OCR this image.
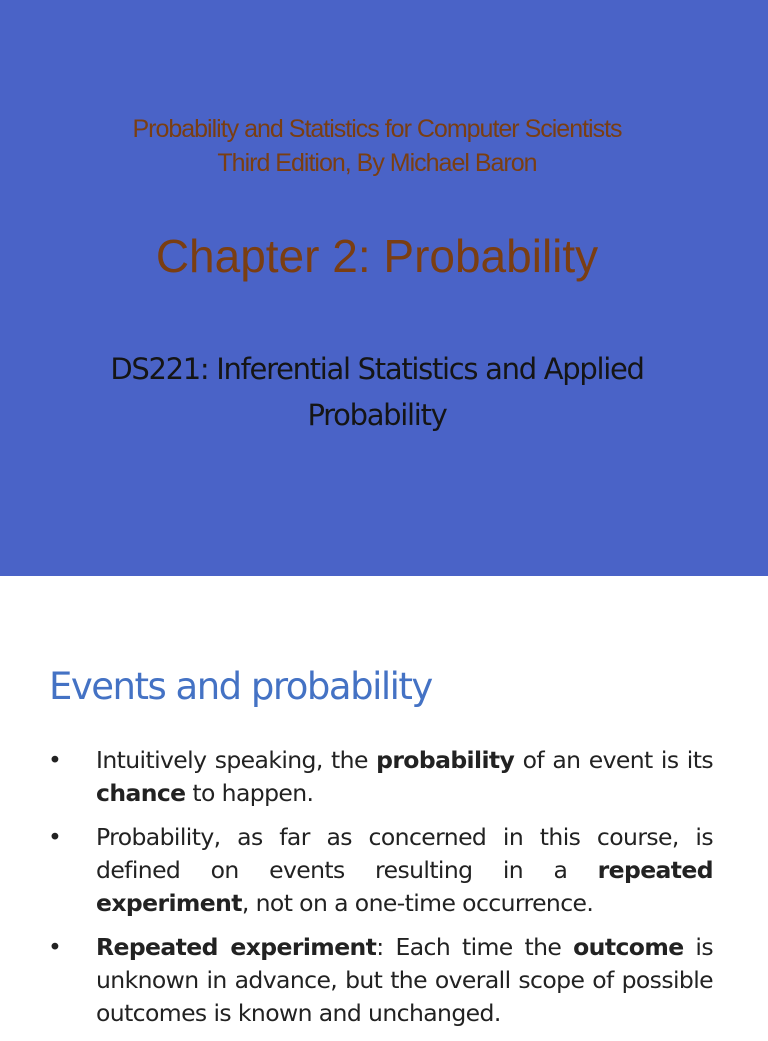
Probability and Statistics for Computer Scientists
Third Edition, By Michael Baron
Chapter 2: Probability
DS221: Inferential Statistics and Applied
Probability
Events and probability
•	Intuitively speaking, the probability of an event is its chance to happen.
•	Probability, as far as concerned in this course, is defined on events resulting in a repeated experiment, not on a one-time occurrence.
•	Repeated experiment: Each time the outcome is unknown in advance, but the overall scope of possible outcomes is known and unchanged.
